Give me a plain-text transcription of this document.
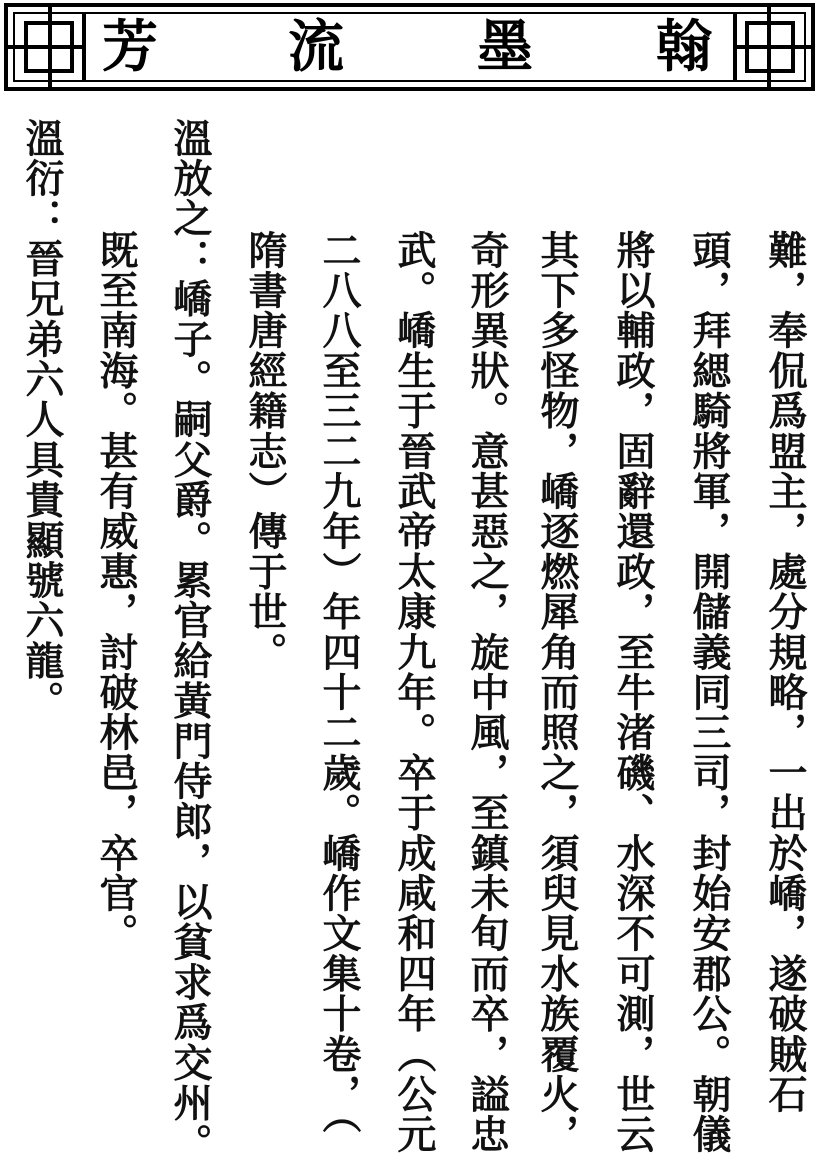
芳 流 墨 翰
難，奉侃爲盟主，處分規略，一出於嶠，遂破賊石
頭，拜緦騎將軍，開儲義同三司，封始安郡公。朝儀
將以輔政，固辭還政，至牛渚磯、水深不可測，世云
其下多怪物，嶠逐燃犀角而照之，須臾見水族覆火，
奇形異狀。意甚惡之，旋中風，至鎮未旬而卒，謚忠
武。嶠生于晉武帝太康九年。卒于成咸和四年（公元
二八八至三二九年）年四十二歲。嶠作文集十卷，（
隋書唐經籍志）傳于世。
溫放之：嶠子。嗣父爵。累官給黃門侍郎，以貧求爲交州。
既至南海。甚有威惠，討破林邑，卒官。
溫衍：晉兄弟六人具貴顯號六龍。
